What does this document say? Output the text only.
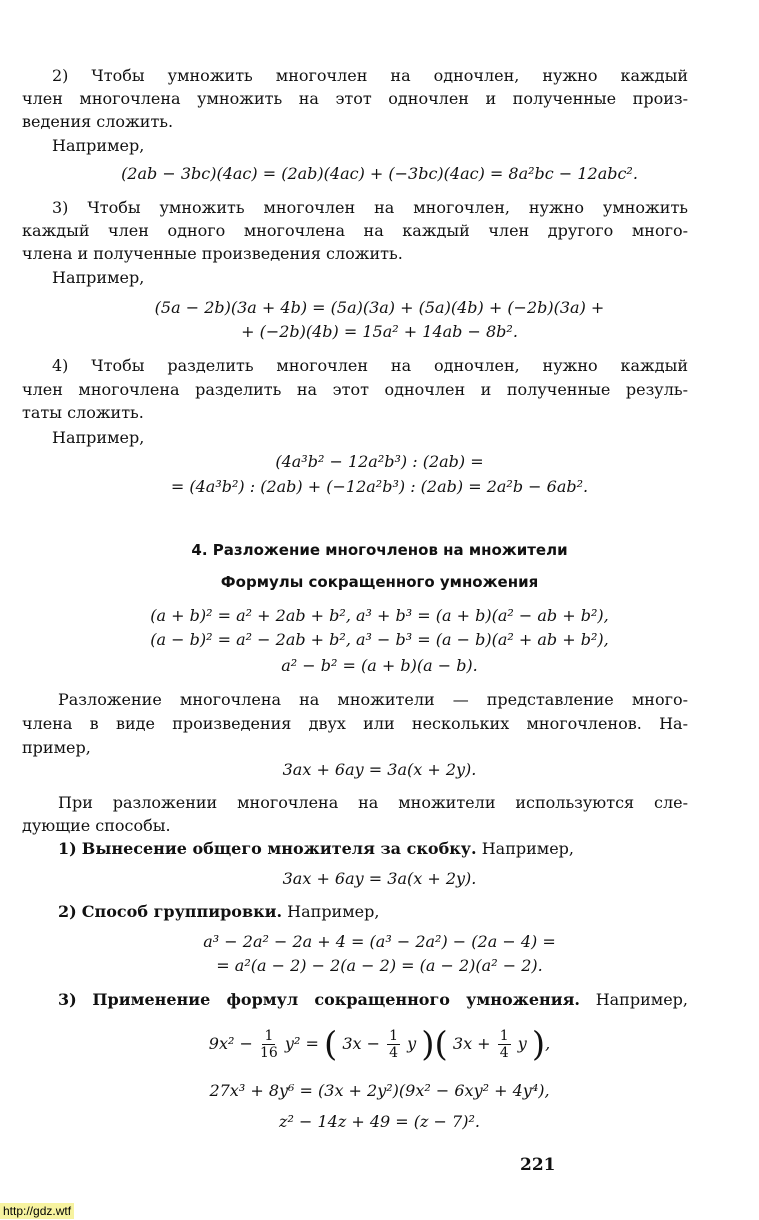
2) Чтобы умножить многочлен на одночлен, нужно каждый
член многочлена умножить на этот одночлен и полученные произ-
ведения сложить.
Например,
(2ab − 3bc)(4ac) = (2ab)(4ac) + (−3bc)(4ac) = 8a²bc − 12abc².
3) Чтобы умножить многочлен на многочлен, нужно умножить
каждый член одного многочлена на каждый член другого много-
члена и полученные произведения сложить.
Например,
(5a − 2b)(3a + 4b) = (5a)(3a) + (5a)(4b) + (−2b)(3a) +
+ (−2b)(4b) = 15a² + 14ab − 8b².
4) Чтобы разделить многочлен на одночлен, нужно каждый
член многочлена разделить на этот одночлен и полученные резуль-
таты сложить.
Например,
(4a³b² − 12a²b³) : (2ab) =
= (4a³b²) : (2ab) + (−12a²b³) : (2ab) = 2a²b − 6ab².
4. Разложение многочленов на множители
Формулы сокращенного умножения
(a + b)² = a² + 2ab + b², a³ + b³ = (a + b)(a² − ab + b²),
(a − b)² = a² − 2ab + b², a³ − b³ = (a − b)(a² + ab + b²),
a² − b² = (a + b)(a − b).
Разложение многочлена на множители — представление много-
члена в виде произведения двух или нескольких многочленов. На-
пример,
3ax + 6ay = 3a(x + 2y).
При разложении многочлена на множители используются сле-
дующие способы.
1) Вынесение общего множителя за скобку. Например,
3ax + 6ay = 3a(x + 2y).
2) Способ группировки. Например,
a³ − 2a² − 2a + 4 = (a³ − 2a²) − (2a − 4) =
= a²(a − 2) − 2(a − 2) = (a − 2)(a² − 2).
3) Применение формул сокращенного умножения. Например,
$9x^2 - \frac{1}{16} y^2$ = ( $3x - \frac{1}{4}$ y )( $3x + \frac{1}{4}$ y ),
27x³ + 8y⁶ = (3x + 2y²)(9x² − 6xy² + 4y⁴),
z² − 14z + 49 = (z − 7)².
221
http://gdz.wtf
